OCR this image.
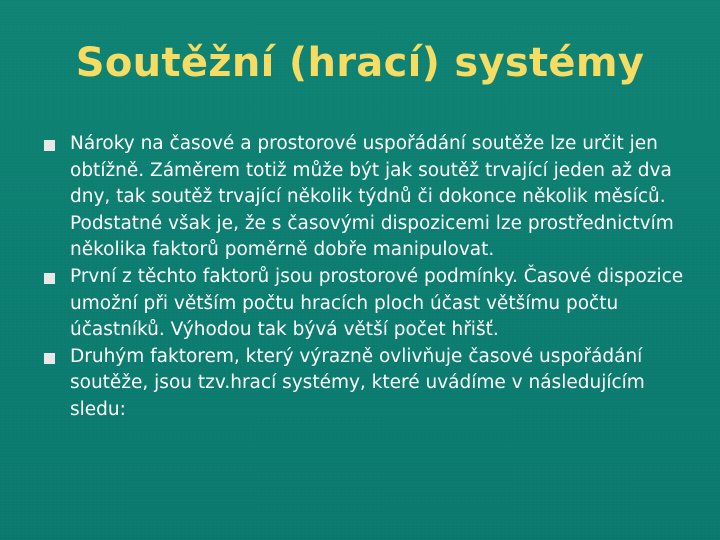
Soutěžní (hrací) systémy
Nároky na časové a prostorové uspořádání soutěže lze určit jen obtížně. Záměrem totiž může být jak soutěž trvající jeden až dva dny, tak soutěž trvající několik týdnů či dokonce několik měsíců. Podstatné však je, že s časovými dispozicemi lze prostřednictvím několika faktorů poměrně dobře manipulovat.
První z těchto faktorů jsou prostorové podmínky. Časové dispozice umožní při větším počtu hracích ploch účast většímu počtu účastníků. Výhodou tak bývá větší počet hřišť.
Druhým faktorem, který výrazně ovlivňuje časové uspořádání soutěže, jsou tzv.hrací systémy, které uvádíme v následujícím sledu:
